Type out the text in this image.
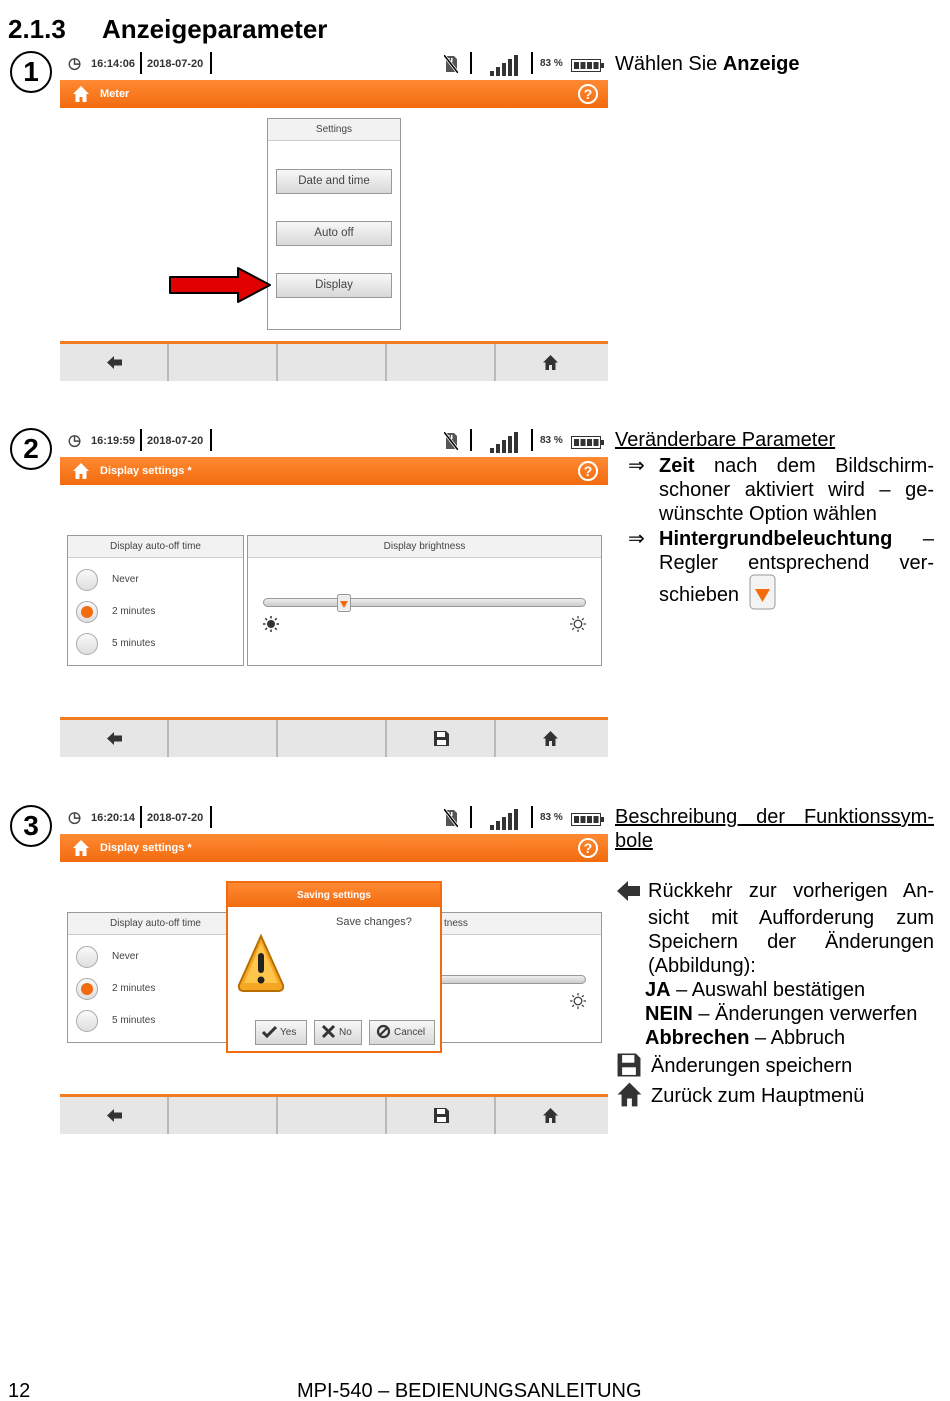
2.1.3 Anzeigeparameter
1	◷ 16:14:06 2018-07-20	83 %
Meter	?
Settings
Date and time
Auto off
Display
Wählen Sie Anzeige
2	◷ 16:19:59 2018-07-20	83 %
Display settings *	?
Display auto-off time
Never
2 minutes
5 minutes
Display brightness
Veränderbare Parameter
⇒ Zeit nach dem Bildschirm-
schoner aktiviert wird – ge-
wünschte Option wählen
⇒ Hintergrundbeleuchtung –
Regler entsprechend ver-
schieben
3	◷ 16:20:14 2018-07-20	83 %
Display settings *	?
Display auto-off time
Never
2 minutes
5 minutes
tness
Saving settings
Save changes?
Yes	No	Cancel
Beschreibung der Funktionssym-
bole
Rückkehr zur vorherigen An-
sicht mit Aufforderung zum
Speichern der Änderungen
(Abbildung):
JA – Auswahl bestätigen
NEIN – Änderungen verwerfen
Abbrechen – Abbruch
Änderungen speichern
Zurück zum Hauptmenü
12	MPI-540 – BEDIENUNGSANLEITUNG
